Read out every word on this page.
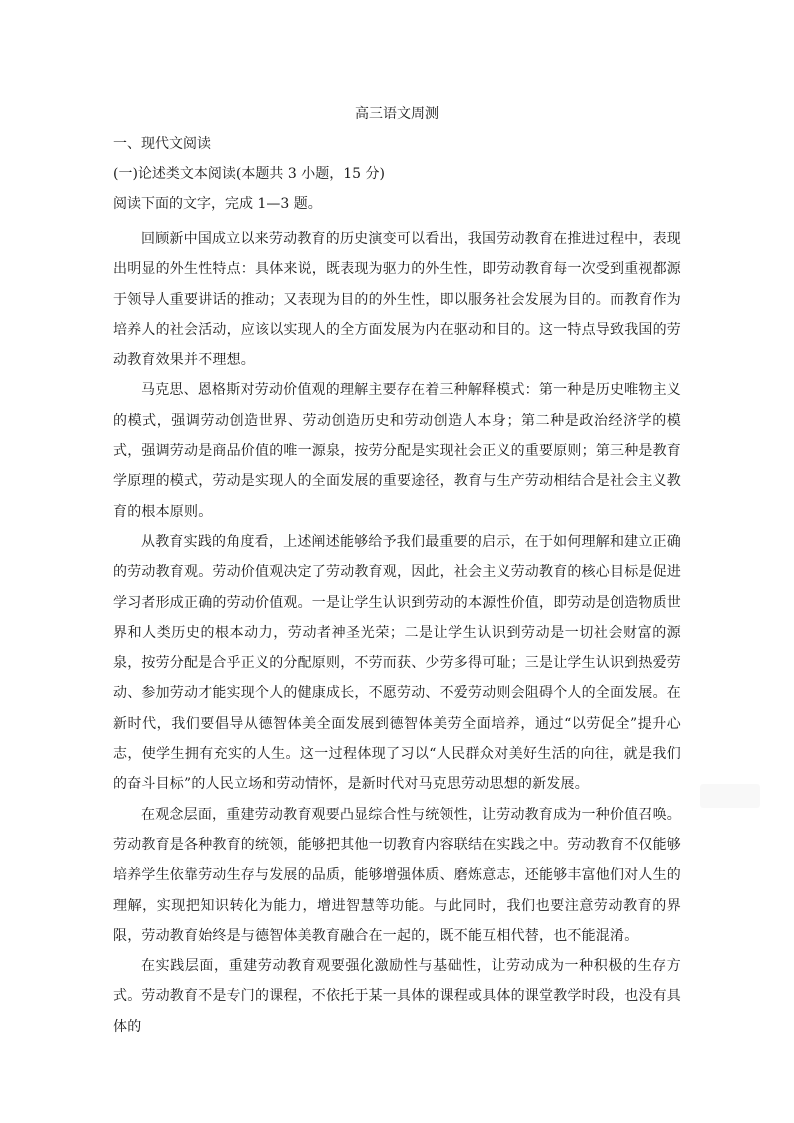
高三语文周测
一、现代文阅读
(一)论述类文本阅读(本题共 3 小题，15 分)
阅读下面的文字，完成 1—3 题。

回顾新中国成立以来劳动教育的历史演变可以看出，我国劳动教育在推进过程中，表现出明显的外生性特点：具体来说，既表现为驱力的外生性，即劳动教育每一次受到重视都源于领导人重要讲话的推动；又表现为目的的外生性，即以服务社会发展为目的。而教育作为培养人的社会活动，应该以实现人的全方面发展为内在驱动和目的。这一特点导致我国的劳动教育效果并不理想。

马克思、恩格斯对劳动价值观的理解主要存在着三种解释模式：第一种是历史唯物主义的模式，强调劳动创造世界、劳动创造历史和劳动创造人本身；第二种是政治经济学的模式，强调劳动是商品价值的唯一源泉，按劳分配是实现社会正义的重要原则；第三种是教育学原理的模式，劳动是实现人的全面发展的重要途径，教育与生产劳动相结合是社会主义教育的根本原则。

从教育实践的角度看，上述阐述能够给予我们最重要的启示，在于如何理解和建立正确的劳动教育观。劳动价值观决定了劳动教育观，因此，社会主义劳动教育的核心目标是促进学习者形成正确的劳动价值观。一是让学生认识到劳动的本源性价值，即劳动是创造物质世界和人类历史的根本动力，劳动者神圣光荣；二是让学生认识到劳动是一切社会财富的源泉，按劳分配是合乎正义的分配原则，不劳而获、少劳多得可耻；三是让学生认识到热爱劳动、参加劳动才能实现个人的健康成长，不愿劳动、不爱劳动则会阻碍个人的全面发展。在新时代，我们要倡导从德智体美全面发展到德智体美劳全面培养，通过“以劳促全”提升心志，使学生拥有充实的人生。这一过程体现了习以“人民群众对美好生活的向往，就是我们的奋斗目标”的人民立场和劳动情怀，是新时代对马克思劳动思想的新发展。

在观念层面，重建劳动教育观要凸显综合性与统领性，让劳动教育成为一种价值召唤。劳动教育是各种教育的统领，能够把其他一切教育内容联结在实践之中。劳动教育不仅能够培养学生依靠劳动生存与发展的品质，能够增强体质、磨炼意志，还能够丰富他们对人生的理解，实现把知识转化为能力，增进智慧等功能。与此同时，我们也要注意劳动教育的界限，劳动教育始终是与德智体美教育融合在一起的，既不能互相代替，也不能混淆。

在实践层面，重建劳动教育观要强化激励性与基础性，让劳动成为一种积极的生存方式。劳动教育不是专门的课程，不依托于某一具体的课程或具体的课堂教学时段，也没有具体的
